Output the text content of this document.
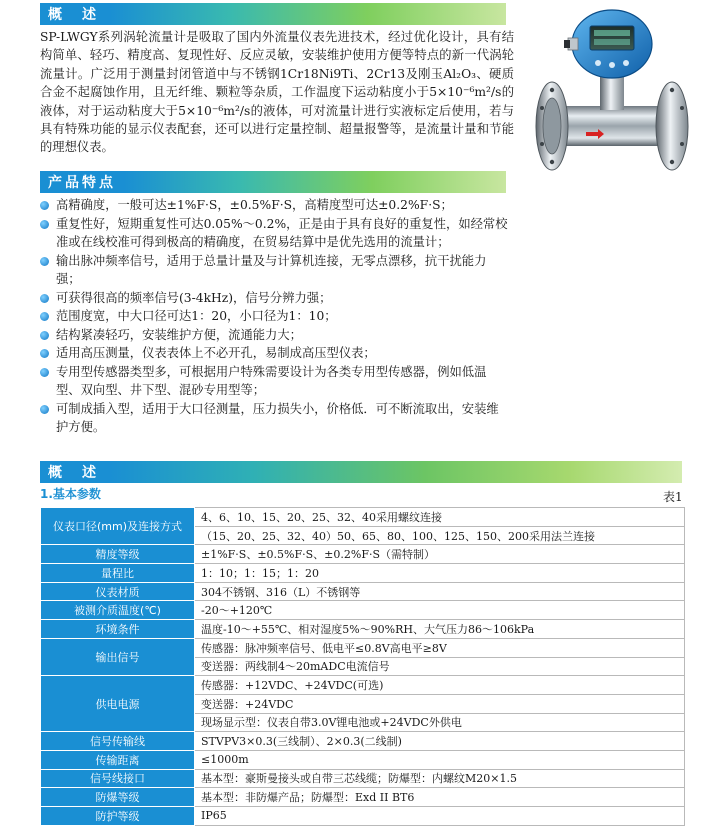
概　述

SP-LWGY系列涡轮流量计是吸取了国内外流量仪表先进技术，经过优化设计，具有结构简单、轻巧、精度高、复现性好、反应灵敏，安装维护使用方便等特点的新一代涡轮流量计。广泛用于测量封闭管道中与不锈钢1Cr18Ni9Ti、2Cr13及刚玉Al₂O₃、硬质合金不起腐蚀作用，且无纤维、颗粒等杂质，工作温度下运动粘度小于5×10⁻⁶m²/s的液体，对于运动粘度大于5×10⁻⁶m²/s的液体，可对流量计进行实液标定后使用，若与具有特殊功能的显示仪表配套，还可以进行定量控制、超量报警等，是流量计量和节能的理想仪表。

产品特点
高精确度，一般可达±1%F·S，±0.5%F·S，高精度型可达±0.2%F·S；
重复性好，短期重复性可达0.05%～0.2%，正是由于具有良好的重复性，如经常校准或在线校准可得到极高的精确度，在贸易结算中是优先选用的流量计；
输出脉冲频率信号，适用于总量计量及与计算机连接，无零点漂移，抗干扰能力强；
可获得很高的频率信号(3-4kHz)，信号分辨力强；
范围度宽，中大口径可达1：20，小口径为1：10；
结构紧凑轻巧，安装维护方便，流通能力大；
适用高压测量，仪表表体上不必开孔，易制成高压型仪表；
专用型传感器类型多，可根据用户特殊需要设计为各类专用型传感器，例如低温型、双向型、井下型、混砂专用型等；
可制成插入型，适用于大口径测量，压力损失小，价格低．可不断流取出，安装维护方便。
概　述
1.基本参数	表1
仪表口径(mm)及连接方式	4、6、10、15、20、25、32、40采用螺纹连接
	（15、20、25、32、40）50、65、80、100、125、150、200采用法兰连接
精度等级	±1%F·S、±0.5%F·S、±0.2%F·S（需特制）
量程比	1：10；1：15；1：20
仪表材质	304不锈钢、316（L）不锈钢等
被测介质温度(℃)	-20～+120℃
环境条件	温度-10～+55℃、相对湿度5%～90%RH、大气压力86～106kPa
输出信号	传感器：脉冲频率信号、低电平≤0.8V高电平≥8V
	变送器：两线制4～20mADC电流信号
供电电源	传感器：+12VDC、+24VDC(可选)
	变送器：+24VDC
	现场显示型：仪表自带3.0V锂电池或+24VDC外供电
信号传输线	STVPV3×0.3(三线制）、2×0.3(二线制)
传输距离	≤1000m
信号线接口	基本型：豪斯曼接头或自带三芯线缆；防爆型：内螺纹M20×1.5
防爆等级	基本型：非防爆产品；防爆型：Exd II BT6
防护等级	IP65
